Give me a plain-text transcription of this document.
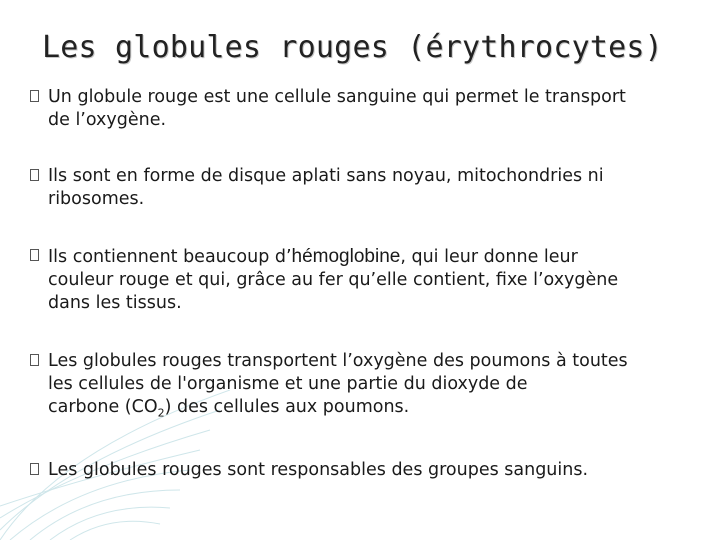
Les globules rouges (érythrocytes)
Un globule rouge est une cellule sanguine qui permet le transport
de l’oxygène.
Ils sont en forme de disque aplati sans noyau, mitochondries ni
ribosomes.
Ils contiennent beaucoup d’hémoglobine, qui leur donne leur
couleur rouge et qui, grâce au fer qu’elle contient, fixe l’oxygène
dans les tissus.
Les globules rouges transportent l’oxygène des poumons à toutes
les cellules de l'organisme et une partie du dioxyde de
carbone $(CO_2)$ des cellules aux poumons.
Les globules rouges sont responsables des groupes sanguins.
